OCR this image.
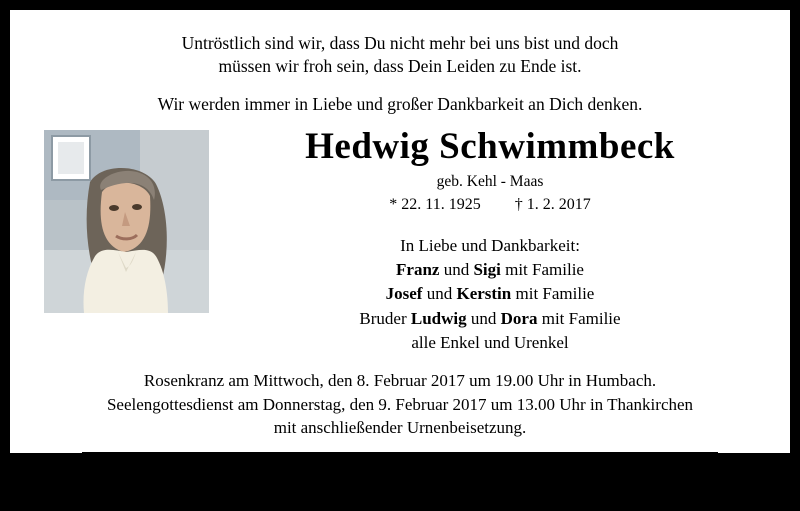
Untröstlich sind wir, dass Du nicht mehr bei uns bist und doch
müssen wir froh sein, dass Dein Leiden zu Ende ist.
Wir werden immer in Liebe und großer Dankbarkeit an Dich denken.
Hedwig Schwimmbeck
geb. Kehl - Maas
* 22. 11. 1925 † 1. 2. 2017
In Liebe und Dankbarkeit:
Franz und Sigi mit Familie
Josef und Kerstin mit Familie
Bruder Ludwig und Dora mit Familie
alle Enkel und Urenkel
Rosenkranz am Mittwoch, den 8. Februar 2017 um 19.00 Uhr in Humbach.
Seelengottesdienst am Donnerstag, den 9. Februar 2017 um 13.00 Uhr in Thankirchen
mit anschließender Urnenbeisetzung.
Anstelle von Blumen und Kränzen bitten wir um eine Spende für Miteinander –
Füreinander e.V. mit Kennwort: Hedwig unter IBAN: DE66 7005 4306 0011 1110 36.
